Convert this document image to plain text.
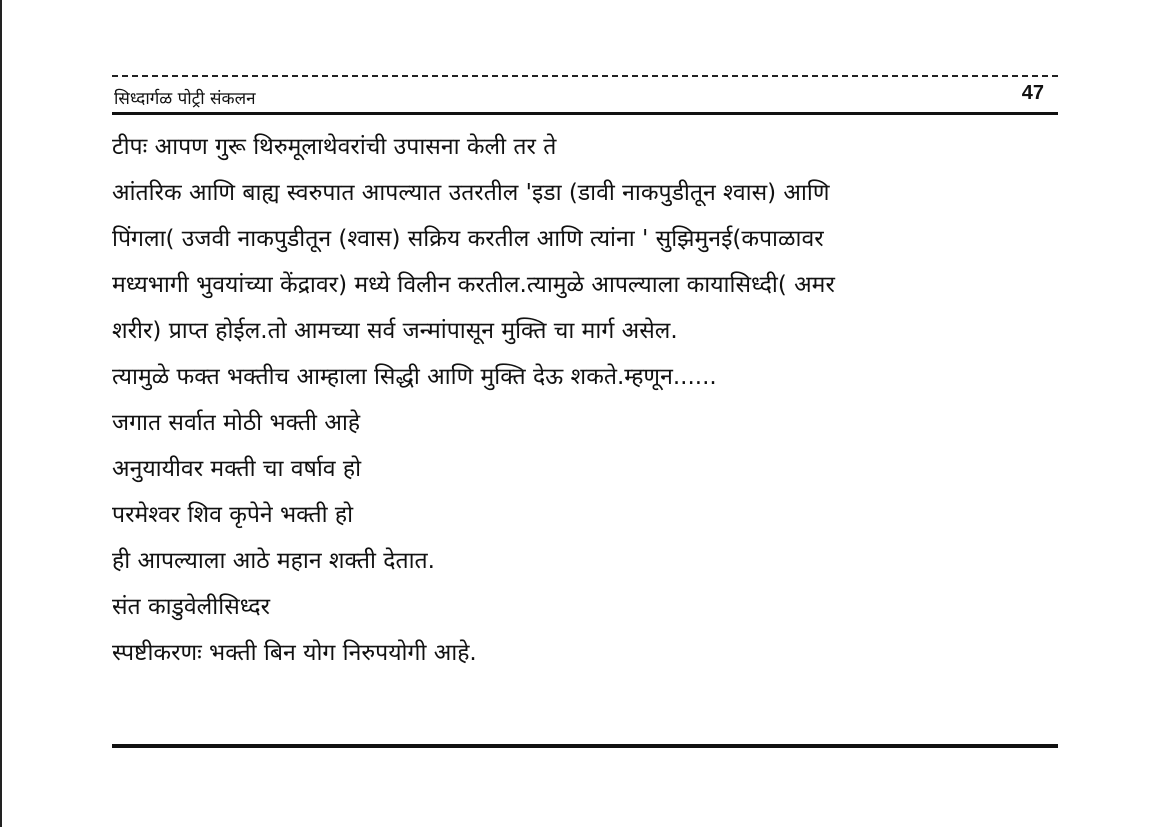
सिध्दार्गळ पोट्री संकलन	47
टीपः आपण गुरू थिरुमूलाथेवरांची उपासना केली तर ते
आंतरिक आणि बाह्य स्वरुपात आपल्यात उतरतील 'इडा (डावी नाकपुडीतून श्वास) आणि
पिंगला( उजवी नाकपुडीतून (श्वास) सक्रिय करतील आणि त्यांना ' सुझिमुनई(कपाळावर
मध्यभागी भुवयांच्या केंद्रावर) मध्ये विलीन करतील.त्यामुळे आपल्याला कायासिध्दी( अमर
शरीर) प्राप्त होईल.तो आमच्या सर्व जन्मांपासून मुक्ति चा मार्ग असेल.
त्यामुळे फक्त भक्तीच आम्हाला सिद्धी आणि मुक्ति देऊ शकते.म्हणून......
जगात सर्वात मोठी भक्ती आहे
अनुयायीवर मक्ती चा वर्षाव हो
परमेश्वर शिव कृपेने भक्ती हो
ही आपल्याला आठे महान शक्ती देतात.
संत काडुवेलीसिध्दर
स्पष्टीकरणः भक्ती बिन योग निरुपयोगी आहे.
